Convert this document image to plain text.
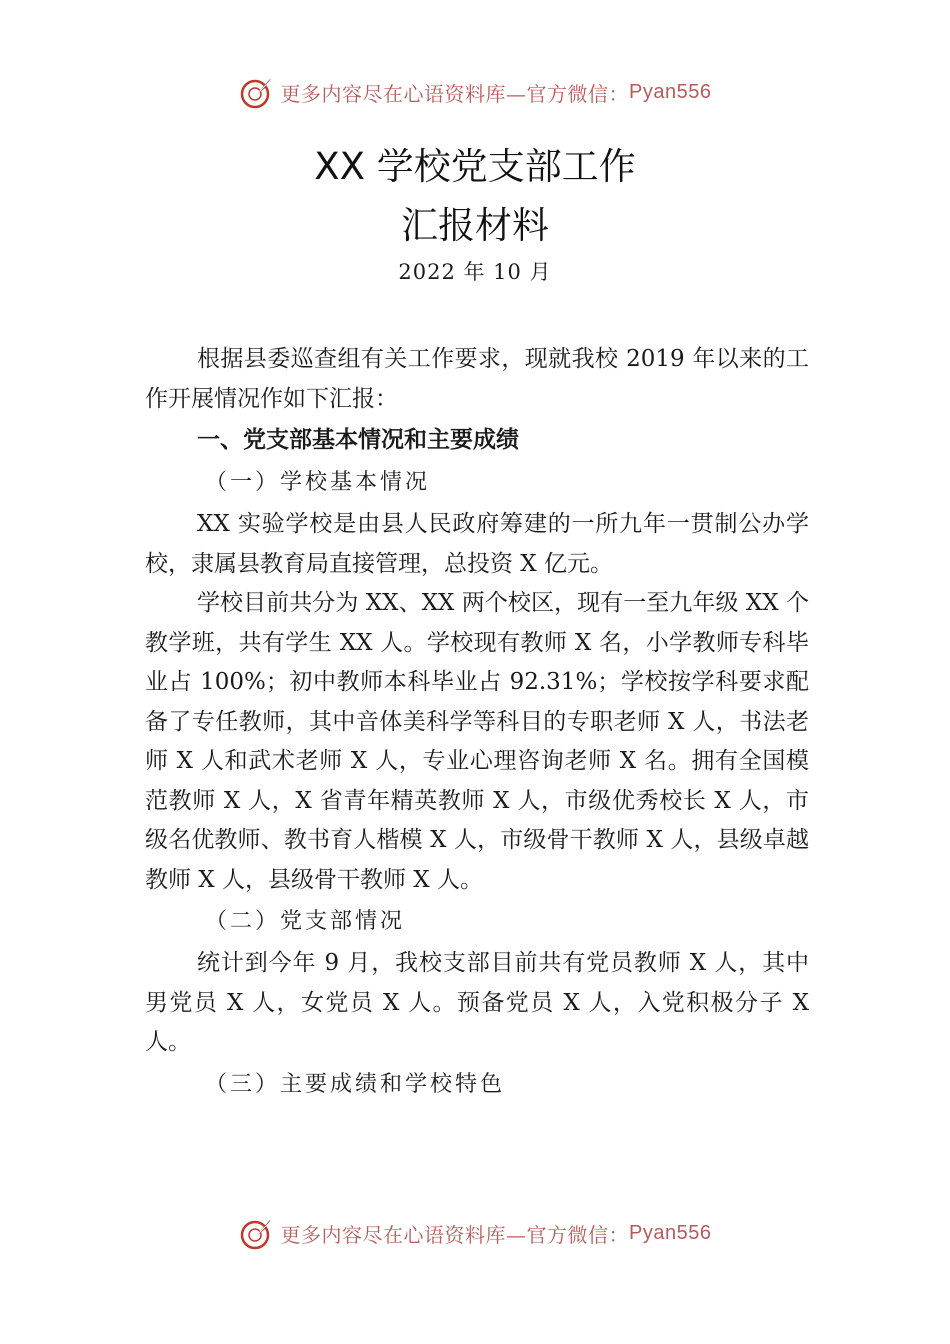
更多内容尽在心语资料库—官方微信： Pyan556
XX 学校党支部工作
汇报材料
2022 年 10 月

根据县委巡查组有关工作要求，现就我校 2019 年以来的工作开展情况作如下汇报：

一、党支部基本情况和主要成绩
（一）学校基本情况

XX 实验学校是由县人民政府筹建的一所九年一贯制公办学校，隶属县教育局直接管理，总投资 X 亿元。

学校目前共分为 XX、XX 两个校区，现有一至九年级 XX 个教学班，共有学生 XX 人。学校现有教师 X 名，小学教师专科毕业占 100%；初中教师本科毕业占 92.31%；学校按学科要求配备了专任教师，其中音体美科学等科目的专职老师 X 人，书法老师 X 人和武术老师 X 人，专业心理咨询老师 X 名。拥有全国模范教师 X 人，X 省青年精英教师 X 人，市级优秀校长 X 人，市级名优教师、教书育人楷模 X 人，市级骨干教师 X 人，县级卓越教师 X 人，县级骨干教师 X 人。

（二）党支部情况

统计到今年 9 月，我校支部目前共有党员教师 X 人，其中男党员 X 人，女党员 X 人。预备党员 X 人，入党积极分子 X 人。

（三）主要成绩和学校特色
更多内容尽在心语资料库—官方微信： Pyan556
